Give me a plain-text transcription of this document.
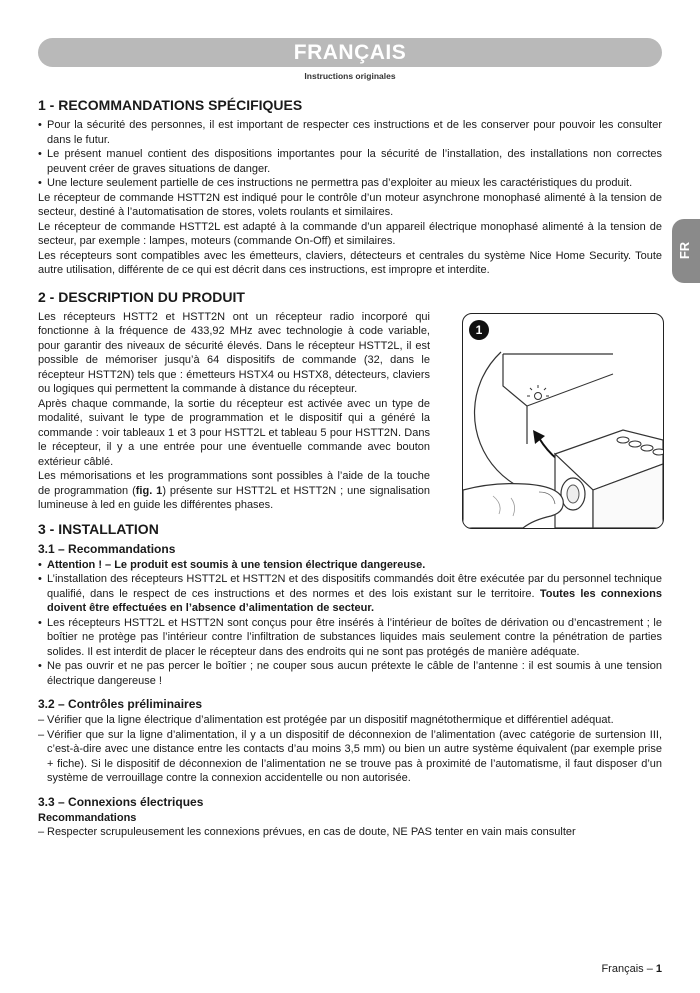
FRANÇAIS
Instructions originales
FR
1 - RECOMMANDATIONS SPÉCIFIQUES
• Pour la sécurité des personnes, il est important de respecter ces instructions et de les conserver pour pouvoir les consulter dans le futur.
• Le présent manuel contient des dispositions importantes pour la sécurité de l’installation, des installations non correctes peuvent créer de graves situations de danger.
• Une lecture seulement partielle de ces instructions ne permettra pas d’exploiter au mieux les caractéristiques du produit.

Le récepteur de commande HSTT2N est indiqué pour le contrôle d’un moteur asynchrone monophasé alimenté à la tension de secteur, destiné à l’automatisation de stores, volets roulants et similaires.

Le récepteur de commande HSTT2L est adapté à la commande d’un appareil électrique monophasé alimenté à la tension de secteur, par exemple : lampes, moteurs (commande On-Off) et similaires.

Les récepteurs sont compatibles avec les émetteurs, claviers, détecteurs et centrales du système Nice Home Security. Toute autre utilisation, différente de ce qui est décrit dans ces instructions, est impropre et interdite.

2 - DESCRIPTION DU PRODUIT

Les récepteurs HSTT2 et HSTT2N ont un récepteur radio incorporé qui fonctionne à la fréquence de 433,92 MHz avec technologie à code variable, pour garantir des niveaux de sécurité élevés. Dans le récepteur HSTT2L, il est possible de mémoriser jusqu’à 64 dispositifs de commande (32, dans le récepteur HSTT2N) tels que : émetteurs HSTX4 ou HSTX8, détecteurs, claviers ou logiques qui permettent la commande à distance du récepteur.

Après chaque commande, la sortie du récepteur est activée avec un type de modalité, suivant le type de programmation et le dispositif qui a généré la commande : voir tableaux 1 et 3 pour HSTT2L et tableau 5 pour HSTT2N. Dans le récepteur, il y a une entrée pour une éventuelle commande avec bouton extérieur câblé.

Les mémorisations et les programmations sont possibles à l’aide de la touche de programmation (fig. 1) présente sur HSTT2L et HSTT2N ; une signalisation lumineuse à led en guide les différentes phases.

1
3 - INSTALLATION
3.1 – Recommandations
• Attention ! – Le produit est soumis à une tension électrique dangereuse.
• L’installation des récepteurs HSTT2L et HSTT2N et des dispositifs commandés doit être exécutée par du personnel technique qualifié, dans le respect de ces instructions et des normes et des lois existant sur le territoire. Toutes les connexions doivent être effectuées en l’absence d’alimentation de secteur.
• Les récepteurs HSTT2L et HSTT2N sont conçus pour être insérés à l’intérieur de boîtes de dérivation ou d’encastrement ; le boîtier ne protège pas l’intérieur contre l’infiltration de substances liquides mais seulement contre la pénétration de parties solides. Il est interdit de placer le récepteur dans des endroits qui ne sont pas protégés de manière adéquate.
• Ne pas ouvrir et ne pas percer le boîtier ; ne couper sous aucun prétexte le câble de l’antenne : il est soumis à une tension électrique dangereuse !
3.2 – Contrôles préliminaires
– Vérifier que la ligne électrique d’alimentation est protégée par un dispositif magnétothermique et différentiel adéquat.
– Vérifier que sur la ligne d’alimentation, il y a un dispositif de déconnexion de l’alimentation (avec catégorie de surtension III, c’est-à-dire avec une distance entre les contacts d’au moins 3,5 mm) ou bien un autre système équivalent (par exemple prise + fiche). Si le dispositif de déconnexion de l’alimentation ne se trouve pas à proximité de l’automatisme, il faut disposer d’un système de verrouillage contre la connexion accidentelle ou non autorisée.
3.3 – Connexions électriques
Recommandations
– Respecter scrupuleusement les connexions prévues, en cas de doute, NE PAS tenter en vain mais consulter
Français – 1
